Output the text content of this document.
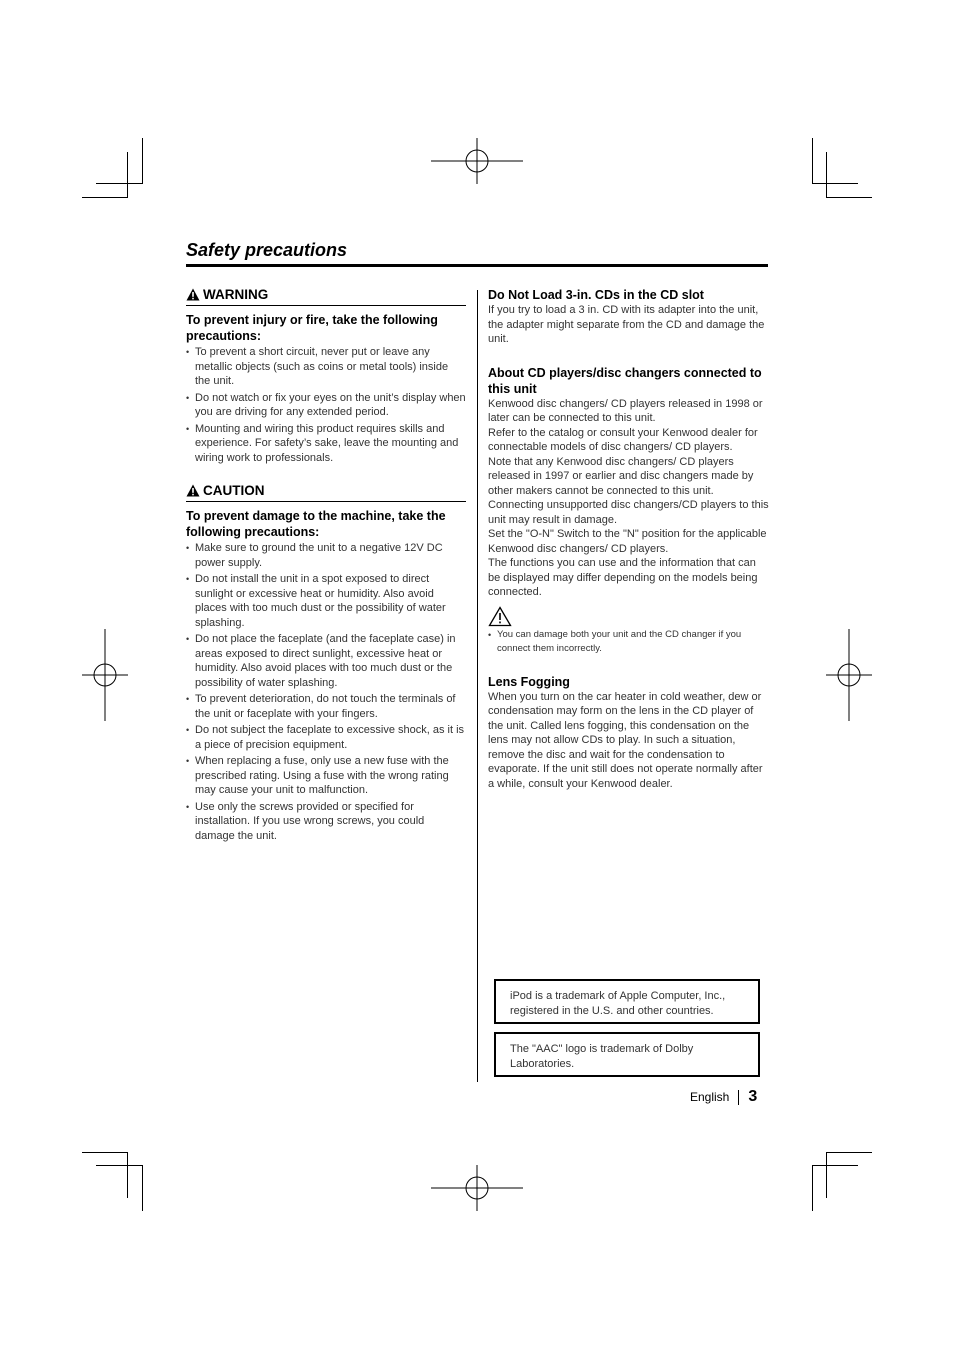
Safety precautions
WARNING

To prevent injury or fire, take the following precautions:

• To prevent a short circuit, never put or leave any metallic objects (such as coins or metal tools) inside the unit.
• Do not watch or fix your eyes on the unit’s display when you are driving for any extended period.
• Mounting and wiring this product requires skills and experience. For safety’s sake, leave the mounting and wiring work to professionals.
CAUTION

To prevent damage to the machine, take the following precautions:

• Make sure to ground the unit to a negative 12V DC power supply.
• Do not install the unit in a spot exposed to direct sunlight or excessive heat or humidity. Also avoid places with too much dust or the possibility of water splashing.
• Do not place the faceplate (and the faceplate case) in areas exposed to direct sunlight, excessive heat or humidity. Also avoid places with too much dust or the possibility of water splashing.
• To prevent deterioration, do not touch the terminals of the unit or faceplate with your fingers.
• Do not subject the faceplate to excessive shock, as it is a piece of precision equipment.
• When replacing a fuse, only use a new fuse with the prescribed rating. Using a fuse with the wrong rating may cause your unit to malfunction.
• Use only the screws provided or specified for installation. If you use wrong screws, you could damage the unit.

Do Not Load 3-in. CDs in the CD slot

If you try to load a 3 in. CD with its adapter into the unit, the adapter might separate from the CD and damage the unit.

About CD players/disc changers connected to this unit

Kenwood disc changers/ CD players released in 1998 or later can be connected to this unit.
Refer to the catalog or consult your Kenwood dealer for connectable models of disc changers/ CD players.
Note that any Kenwood disc changers/ CD players released in 1997 or earlier and disc changers made by other makers cannot be connected to this unit.
Connecting unsupported disc changers/CD players to this unit may result in damage.
Set the "O-N" Switch to the "N" position for the applicable Kenwood disc changers/ CD players.
The functions you can use and the information that can be displayed may differ depending on the models being connected.

• You can damage both your unit and the CD changer if you connect them incorrectly.

Lens Fogging

When you turn on the car heater in cold weather, dew or condensation may form on the lens in the CD player of the unit. Called lens fogging, this condensation on the lens may not allow CDs to play. In such a situation, remove the disc and wait for the condensation to evaporate. If the unit still does not operate normally after a while, consult your Kenwood dealer.

iPod is a trademark of Apple Computer, Inc., registered in the U.S. and other countries.
The "AAC" logo is trademark of Dolby Laboratories.
English 3
